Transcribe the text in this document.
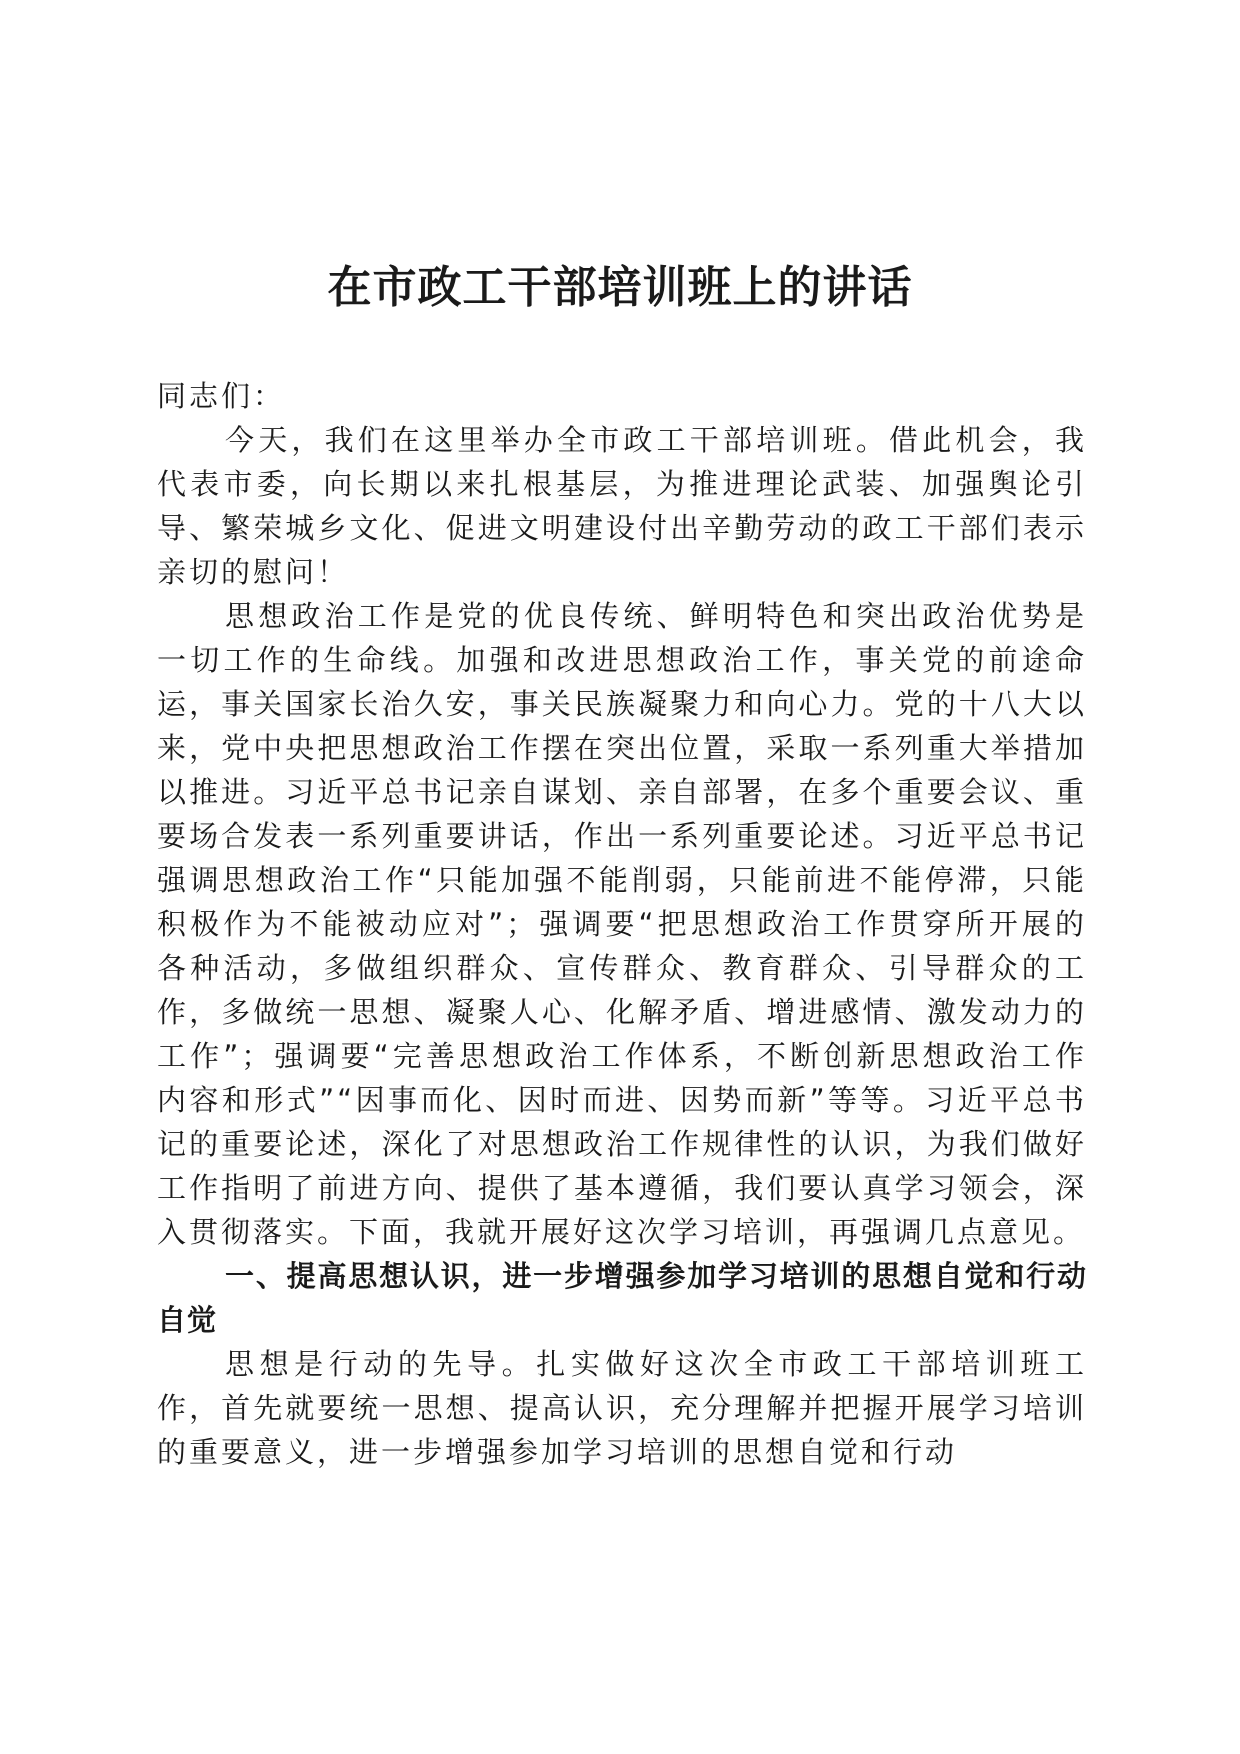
在市政工干部培训班上的讲话

同志们：

今天，我们在这里举办全市政工干部培训班。借此机会，我代表市委，向长期以来扎根基层，为推进理论武装、加强舆论引导、繁荣城乡文化、促进文明建设付出辛勤劳动的政工干部们表示亲切的慰问！

思想政治工作是党的优良传统、鲜明特色和突出政治优势是一切工作的生命线。加强和改进思想政治工作，事关党的前途命运，事关国家长治久安，事关民族凝聚力和向心力。党的十八大以来，党中央把思想政治工作摆在突出位置，采取一系列重大举措加以推进。习近平总书记亲自谋划、亲自部署，在多个重要会议、重要场合发表一系列重要讲话，作出一系列重要论述。习近平总书记强调思想政治工作“只能加强不能削弱，只能前进不能停滞，只能积极作为不能被动应对”；强调要“把思想政治工作贯穿所开展的各种活动，多做组织群众、宣传群众、教育群众、引导群众的工作，多做统一思想、凝聚人心、化解矛盾、增进感情、激发动力的工作”；强调要“完善思想政治工作体系，不断创新思想政治工作内容和形式”“因事而化、因时而进、因势而新”等等。习近平总书记的重要论述，深化了对思想政治工作规律性的认识，为我们做好工作指明了前进方向、提供了基本遵循，我们要认真学习领会，深入贯彻落实。下面，我就开展好这次学习培训，再强调几点意见。

一、提高思想认识，进一步增强参加学习培训的思想自觉和行动自觉

思想是行动的先导。扎实做好这次全市政工干部培训班工作，首先就要统一思想、提高认识，充分理解并把握开展学习培训的重要意义，进一步增强参加学习培训的思想自觉和行动
